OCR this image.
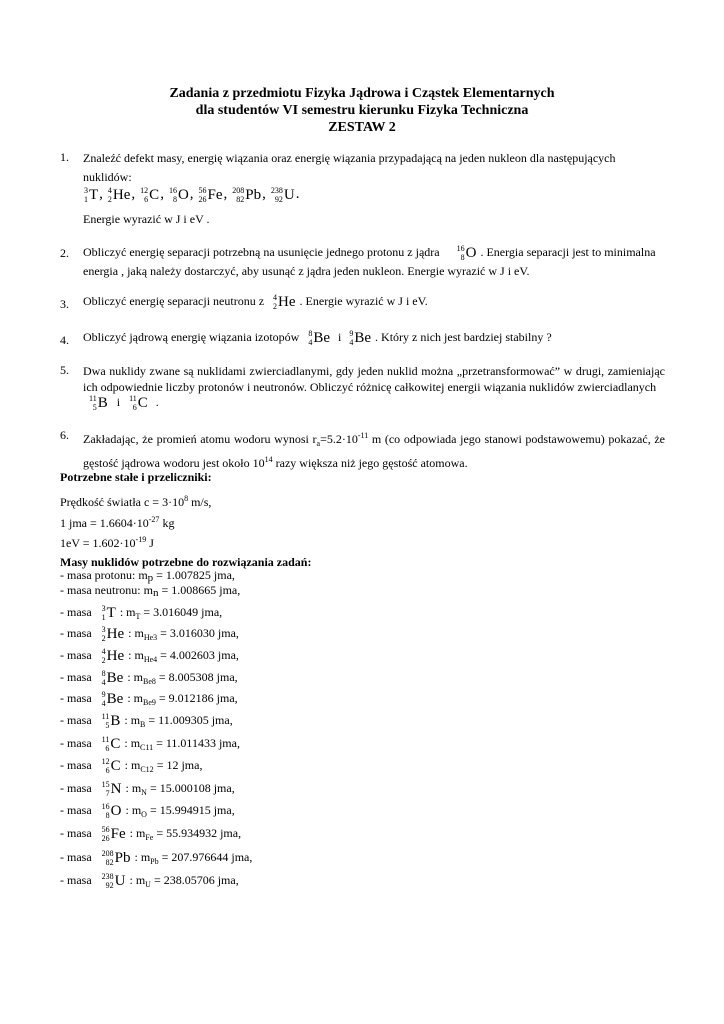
Zadania z przedmiotu Fizyka Jądrowa i Cząstek Elementarnych
dla studentów VI semestru kierunku Fizyka Techniczna
ZESTAW 2
1. Znaleźć defekt masy, energię wiązania oraz energię wiązania przypadającą na jeden nukleon dla następujących
nuklidów:
3
1 T , 4
2 He , 12
6 C , 16
8 O , 56
26 Fe , 208
82 Pb , 238
92 U .
Energie wyrazić w J i eV .
2. Obliczyć energię separacji potrzebną na usunięcie jednego protonu z jądra 16
8 O . Energia separacji jest to minimalna
energia , jaką należy dostarczyć, aby usunąć z jądra jeden nukleon. Energie wyrazić w J i eV.
3. Obliczyć energię separacji neutronu z 4
2 He . Energie wyrazić w J i eV.
4. Obliczyć jądrową energię wiązania izotopów 8
4 Be i 9
4 Be . Który z nich jest bardziej stabilny ?
5. Dwa nuklidy zwane są nuklidami zwierciadlanymi, gdy jeden nuklid można „przetransformować” w drugi, zamieniając ich odpowiednie liczby protonów i neutronów. Obliczyć różnicę całkowitej energii wiązania nuklidów zwierciadlanych
11
5 B i 11
6 C .
6. Zakładając, że promień atomu wodoru wynosi $r_a=5.2\cdot 10^{-11}$ m (co odpowiada jego stanowi podstawowemu) pokazać, że gęstość jądrowa wodoru jest około $10^{14}$ razy większa niż jego gęstość atomowa.
Potrzebne stałe i przeliczniki:
Prędkość światła $c = 3\cdot 10^8$ m/s,
1 jma = $1.6604\cdot 10^{-27}$ kg
$1eV = 1.602\cdot 10^{-19}$ J
Masy nuklidów potrzebne do rozwiązania zadań:
- masa protonu: mp = 1.007825 jma,
- masa neutronu: mn = 1.008665 jma,
- masa 3
1 T : $m_T = 3.016049$ jma,
- masa 3
2 He : $m_{He3} = 3.016030$ jma,
- masa 4
2 He : $m_{He4} = 4.002603$ jma,
- masa 8
4 Be : $m_{Be8} = 8.005308$ jma,
- masa 9
4 Be : $m_{Be9} = 9.012186$ jma,
- masa 11
5 B : $m_B = 11.009305$ jma,
- masa 11
6 C : $m_{C11} = 11.011433$ jma,
- masa 12
6 C : $m_{C12} = 12$ jma,
- masa 15
7 N : $m_N = 15.000108$ jma,
- masa 16
8 O : $m_O = 15.994915$ jma,
- masa 56
26 Fe : $m_{Fe} = 55.934932$ jma,
- masa 208
82 Pb : $m_{Pb} = 207.976644$ jma,
- masa 238
92 U : $m_U = 238.05706$ jma,
